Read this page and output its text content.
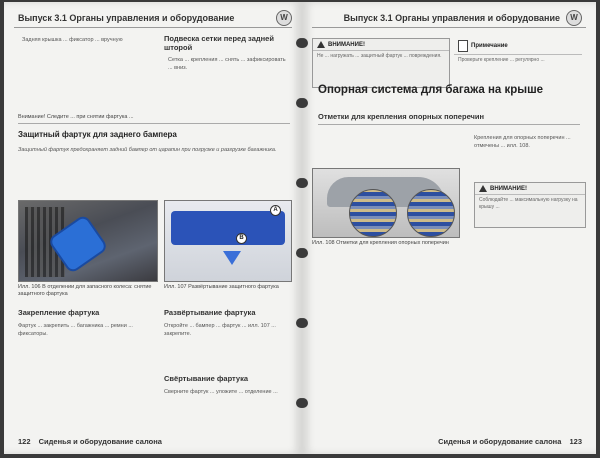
Выпуск 3.1 Органы управления и оборудование	W
Задняя крышка ... фиксатор ... вручную	Подвеска сетки перед задней шторой
Сетка ... крепления ... снять ... зафиксировать ... вниз.
Внимание! Следите ... при снятии фартука ...
Защитный фартук для заднего бампера
Защитный фартук предохраняет задний бампер от царапин при погрузке и разгрузке багажника.
A
B
Илл. 106 В отделении для запасного колеса: снятие защитного фартука
Илл. 107 Развёртывание защитного фартука
Закрепление фартука
Фартук ... закрепить ... багажника ... ремни ... фиксаторы.
Развёртывание фартука
Откройте ... бампер ... фартук ... илл. 107 ... закрепите.
Свёртывание фартука
Сверните фартук ... уложите ... отделение ...
122 Сиденья и оборудование салона
Выпуск 3.1 Органы управления и оборудование	W
ВНИМАНИЕ!
Не ... нагружать ... защитный фартук ... повреждения.
Примечание
Проверьте крепление ... регулярно ...
Опорная система для багажа на крыше
Отметки для крепления опорных поперечин
Илл. 108 Отметки для крепления опорных поперечин
Крепления для опорных поперечин ... отмечены ... илл. 108.
ВНИМАНИЕ!
Соблюдайте ... максимальную нагрузку на крышу ...
Сиденья и оборудование салона 123
